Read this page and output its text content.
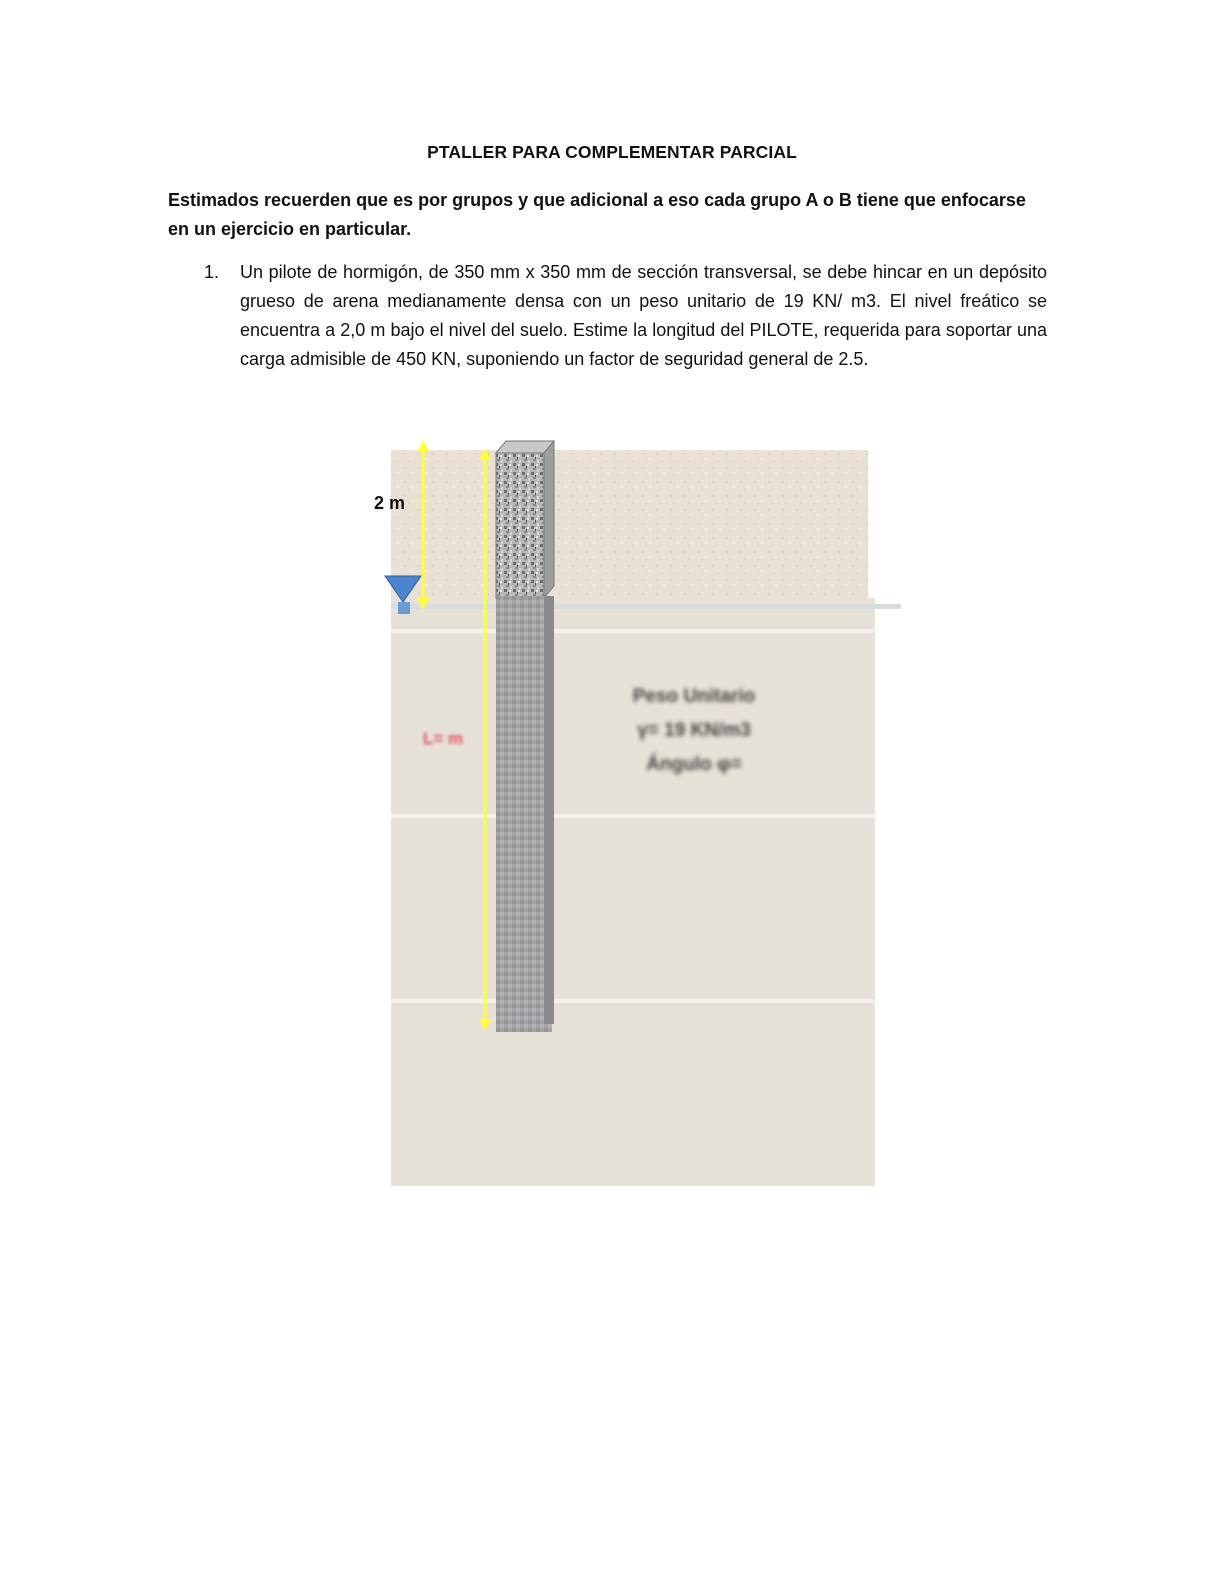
PTALLER PARA COMPLEMENTAR PARCIAL
Estimados recuerden que es por grupos y que adicional a eso cada grupo A o B tiene que enfocarse en un ejercicio en particular.
1. Un pilote de hormigón, de 350 mm x 350 mm de sección transversal, se debe hincar en un depósito grueso de arena medianamente densa con un peso unitario de 19 KN/ m3. El nivel freático se encuentra a 2,0 m bajo el nivel del suelo. Estime la longitud del PILOTE, requerida para soportar una carga admisible de 450 KN, suponiendo un factor de seguridad general de 2.5.
2 m
L= m
Peso Unitario
γ= 19 KN/m3
Ángulo φ=
